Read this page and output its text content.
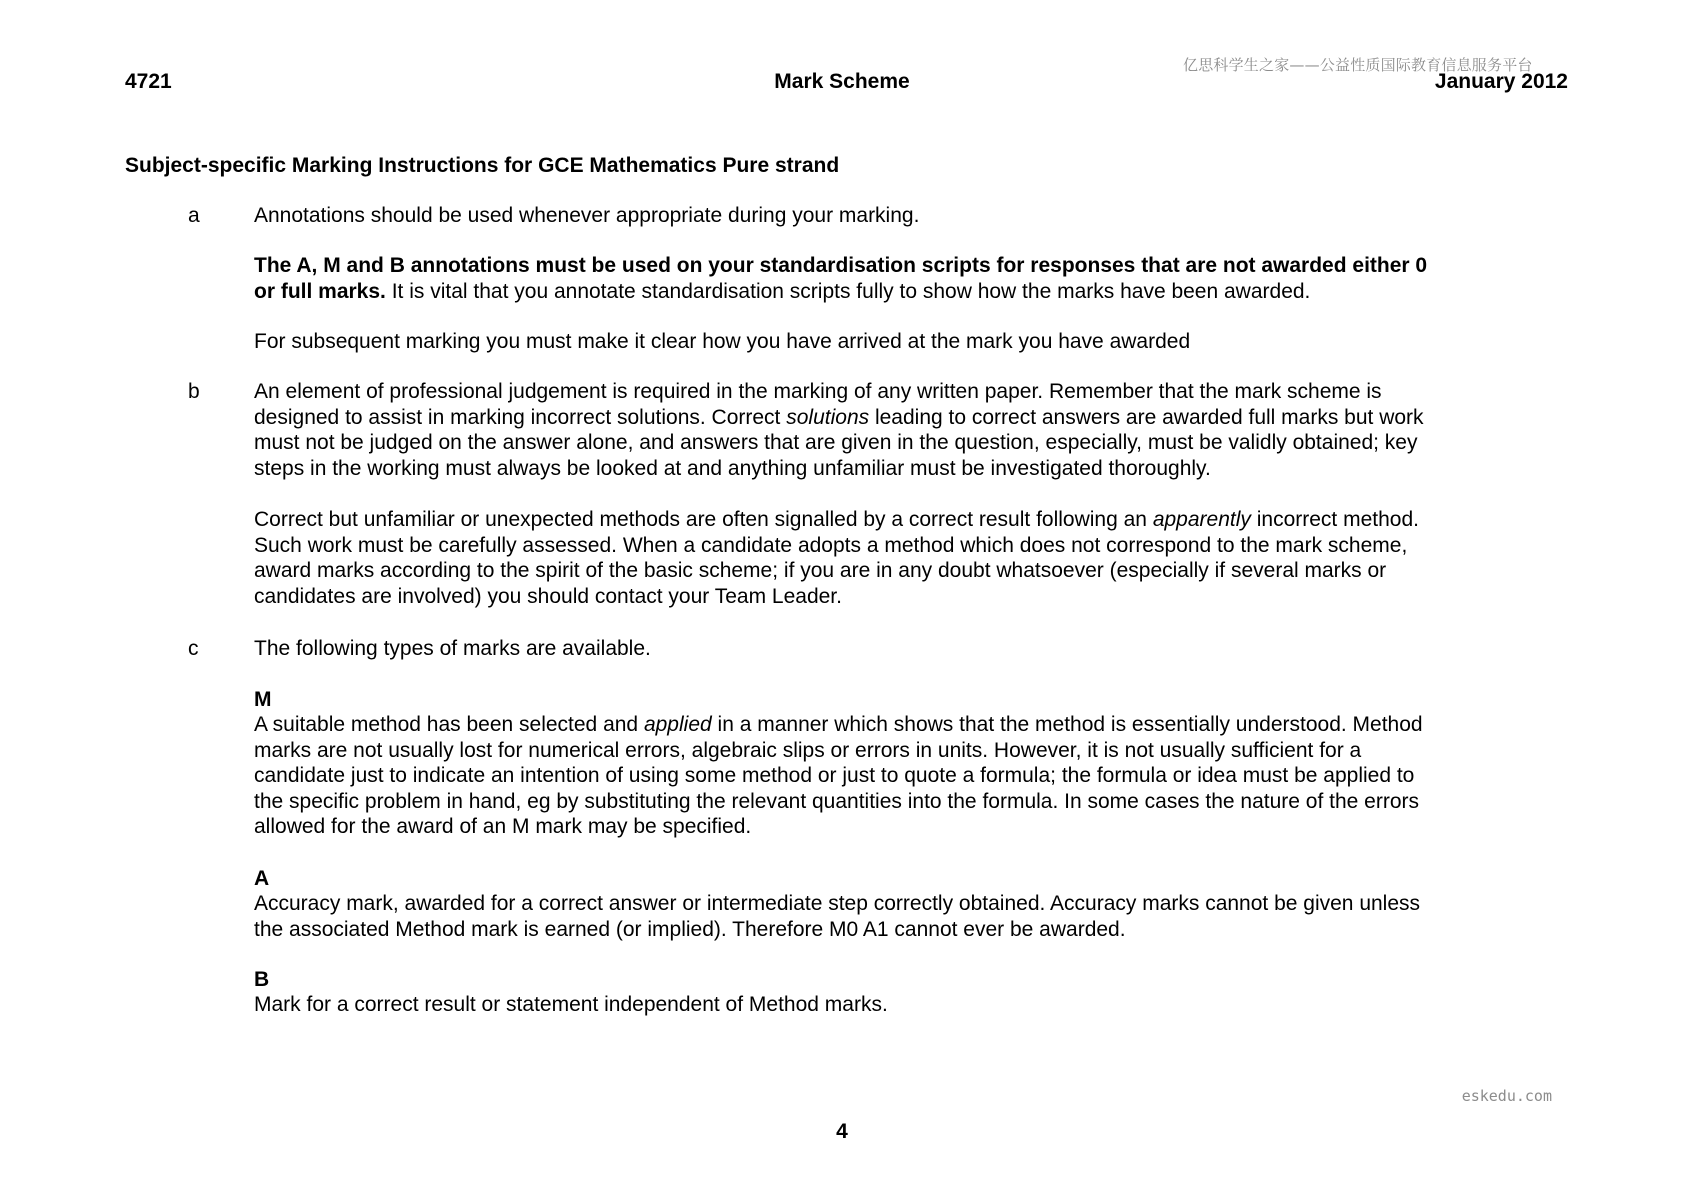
亿思科学生之家——公益性质国际教育信息服务平台
4721	Mark Scheme	January 2012
Subject-specific Marking Instructions for GCE Mathematics Pure strand
a	Annotations should be used whenever appropriate during your marking.
The A, M and B annotations must be used on your standardisation scripts for responses that are not awarded either 0
or full marks. It is vital that you annotate standardisation scripts fully to show how the marks have been awarded.
For subsequent marking you must make it clear how you have arrived at the mark you have awarded
b	An element of professional judgement is required in the marking of any written paper. Remember that the mark scheme is
designed to assist in marking incorrect solutions. Correct solutions leading to correct answers are awarded full marks but work
must not be judged on the answer alone, and answers that are given in the question, especially, must be validly obtained; key
steps in the working must always be looked at and anything unfamiliar must be investigated thoroughly.
Correct but unfamiliar or unexpected methods are often signalled by a correct result following an apparently incorrect method.
Such work must be carefully assessed. When a candidate adopts a method which does not correspond to the mark scheme,
award marks according to the spirit of the basic scheme; if you are in any doubt whatsoever (especially if several marks or
candidates are involved) you should contact your Team Leader.
c	The following types of marks are available.
M
A suitable method has been selected and applied in a manner which shows that the method is essentially understood. Method
marks are not usually lost for numerical errors, algebraic slips or errors in units. However, it is not usually sufficient for a
candidate just to indicate an intention of using some method or just to quote a formula; the formula or idea must be applied to
the specific problem in hand, eg by substituting the relevant quantities into the formula. In some cases the nature of the errors
allowed for the award of an M mark may be specified.
A
Accuracy mark, awarded for a correct answer or intermediate step correctly obtained. Accuracy marks cannot be given unless
the associated Method mark is earned (or implied). Therefore M0 A1 cannot ever be awarded.
B
Mark for a correct result or statement independent of Method marks.
eskedu.com
4
